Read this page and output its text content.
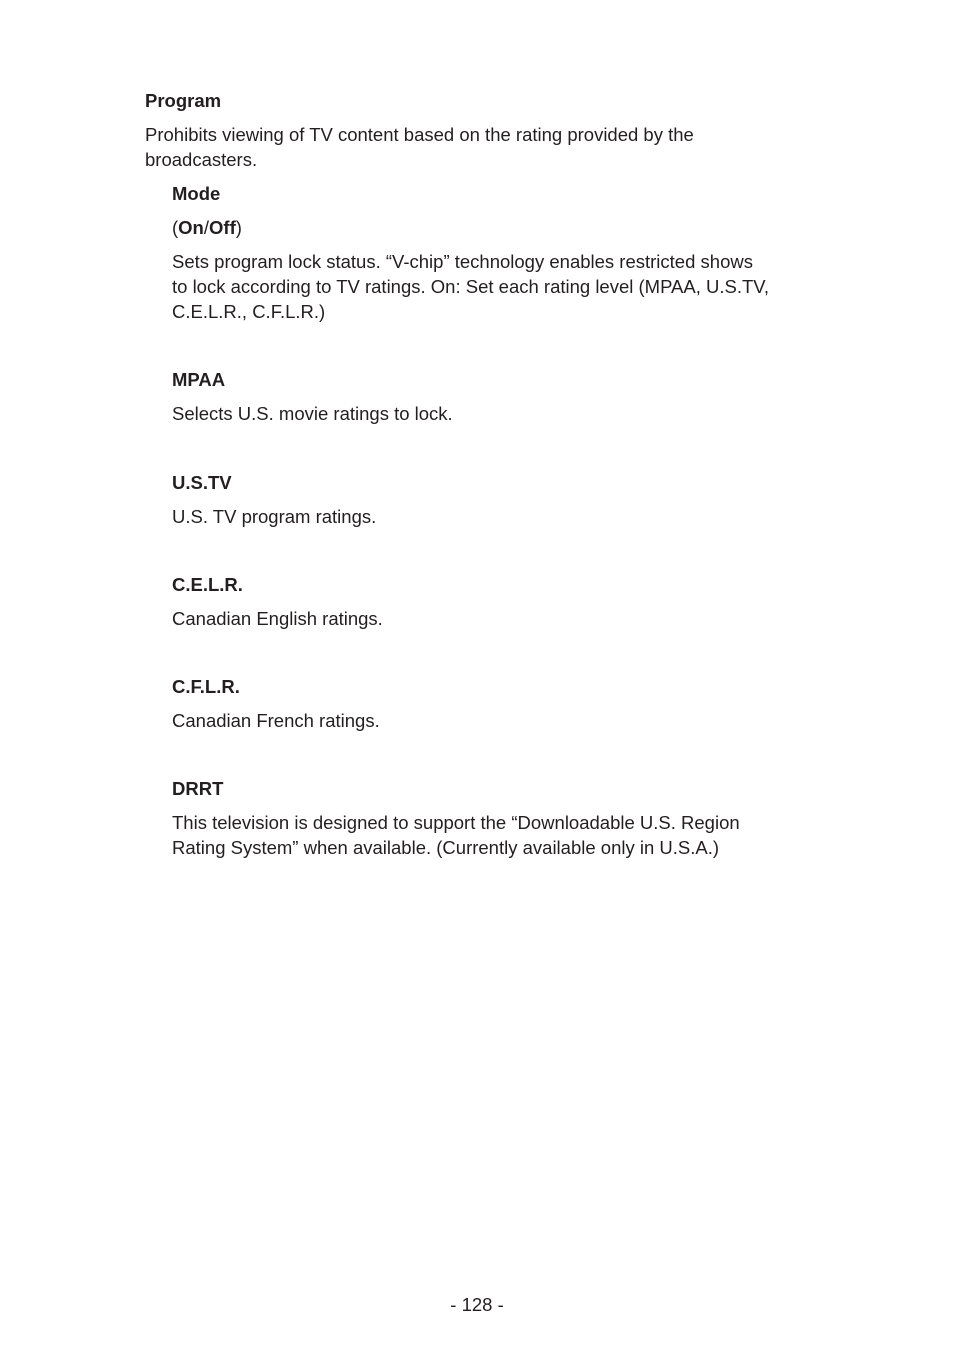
Program

Prohibits viewing of TV content based on the rating provided by the

broadcasters.

Mode

(On/Off)

Sets program lock status. “V-chip” technology enables restricted shows

to lock according to TV ratings. On: Set each rating level (MPAA, U.S.TV,

C.E.L.R., C.F.L.R.)

MPAA

Selects U.S. movie ratings to lock.

U.S.TV

U.S. TV program ratings.

C.E.L.R.

Canadian English ratings.

C.F.L.R.

Canadian French ratings.

DRRT

This television is designed to support the “Downloadable U.S. Region

Rating System” when available. (Currently available only in U.S.A.)

- 128 -
